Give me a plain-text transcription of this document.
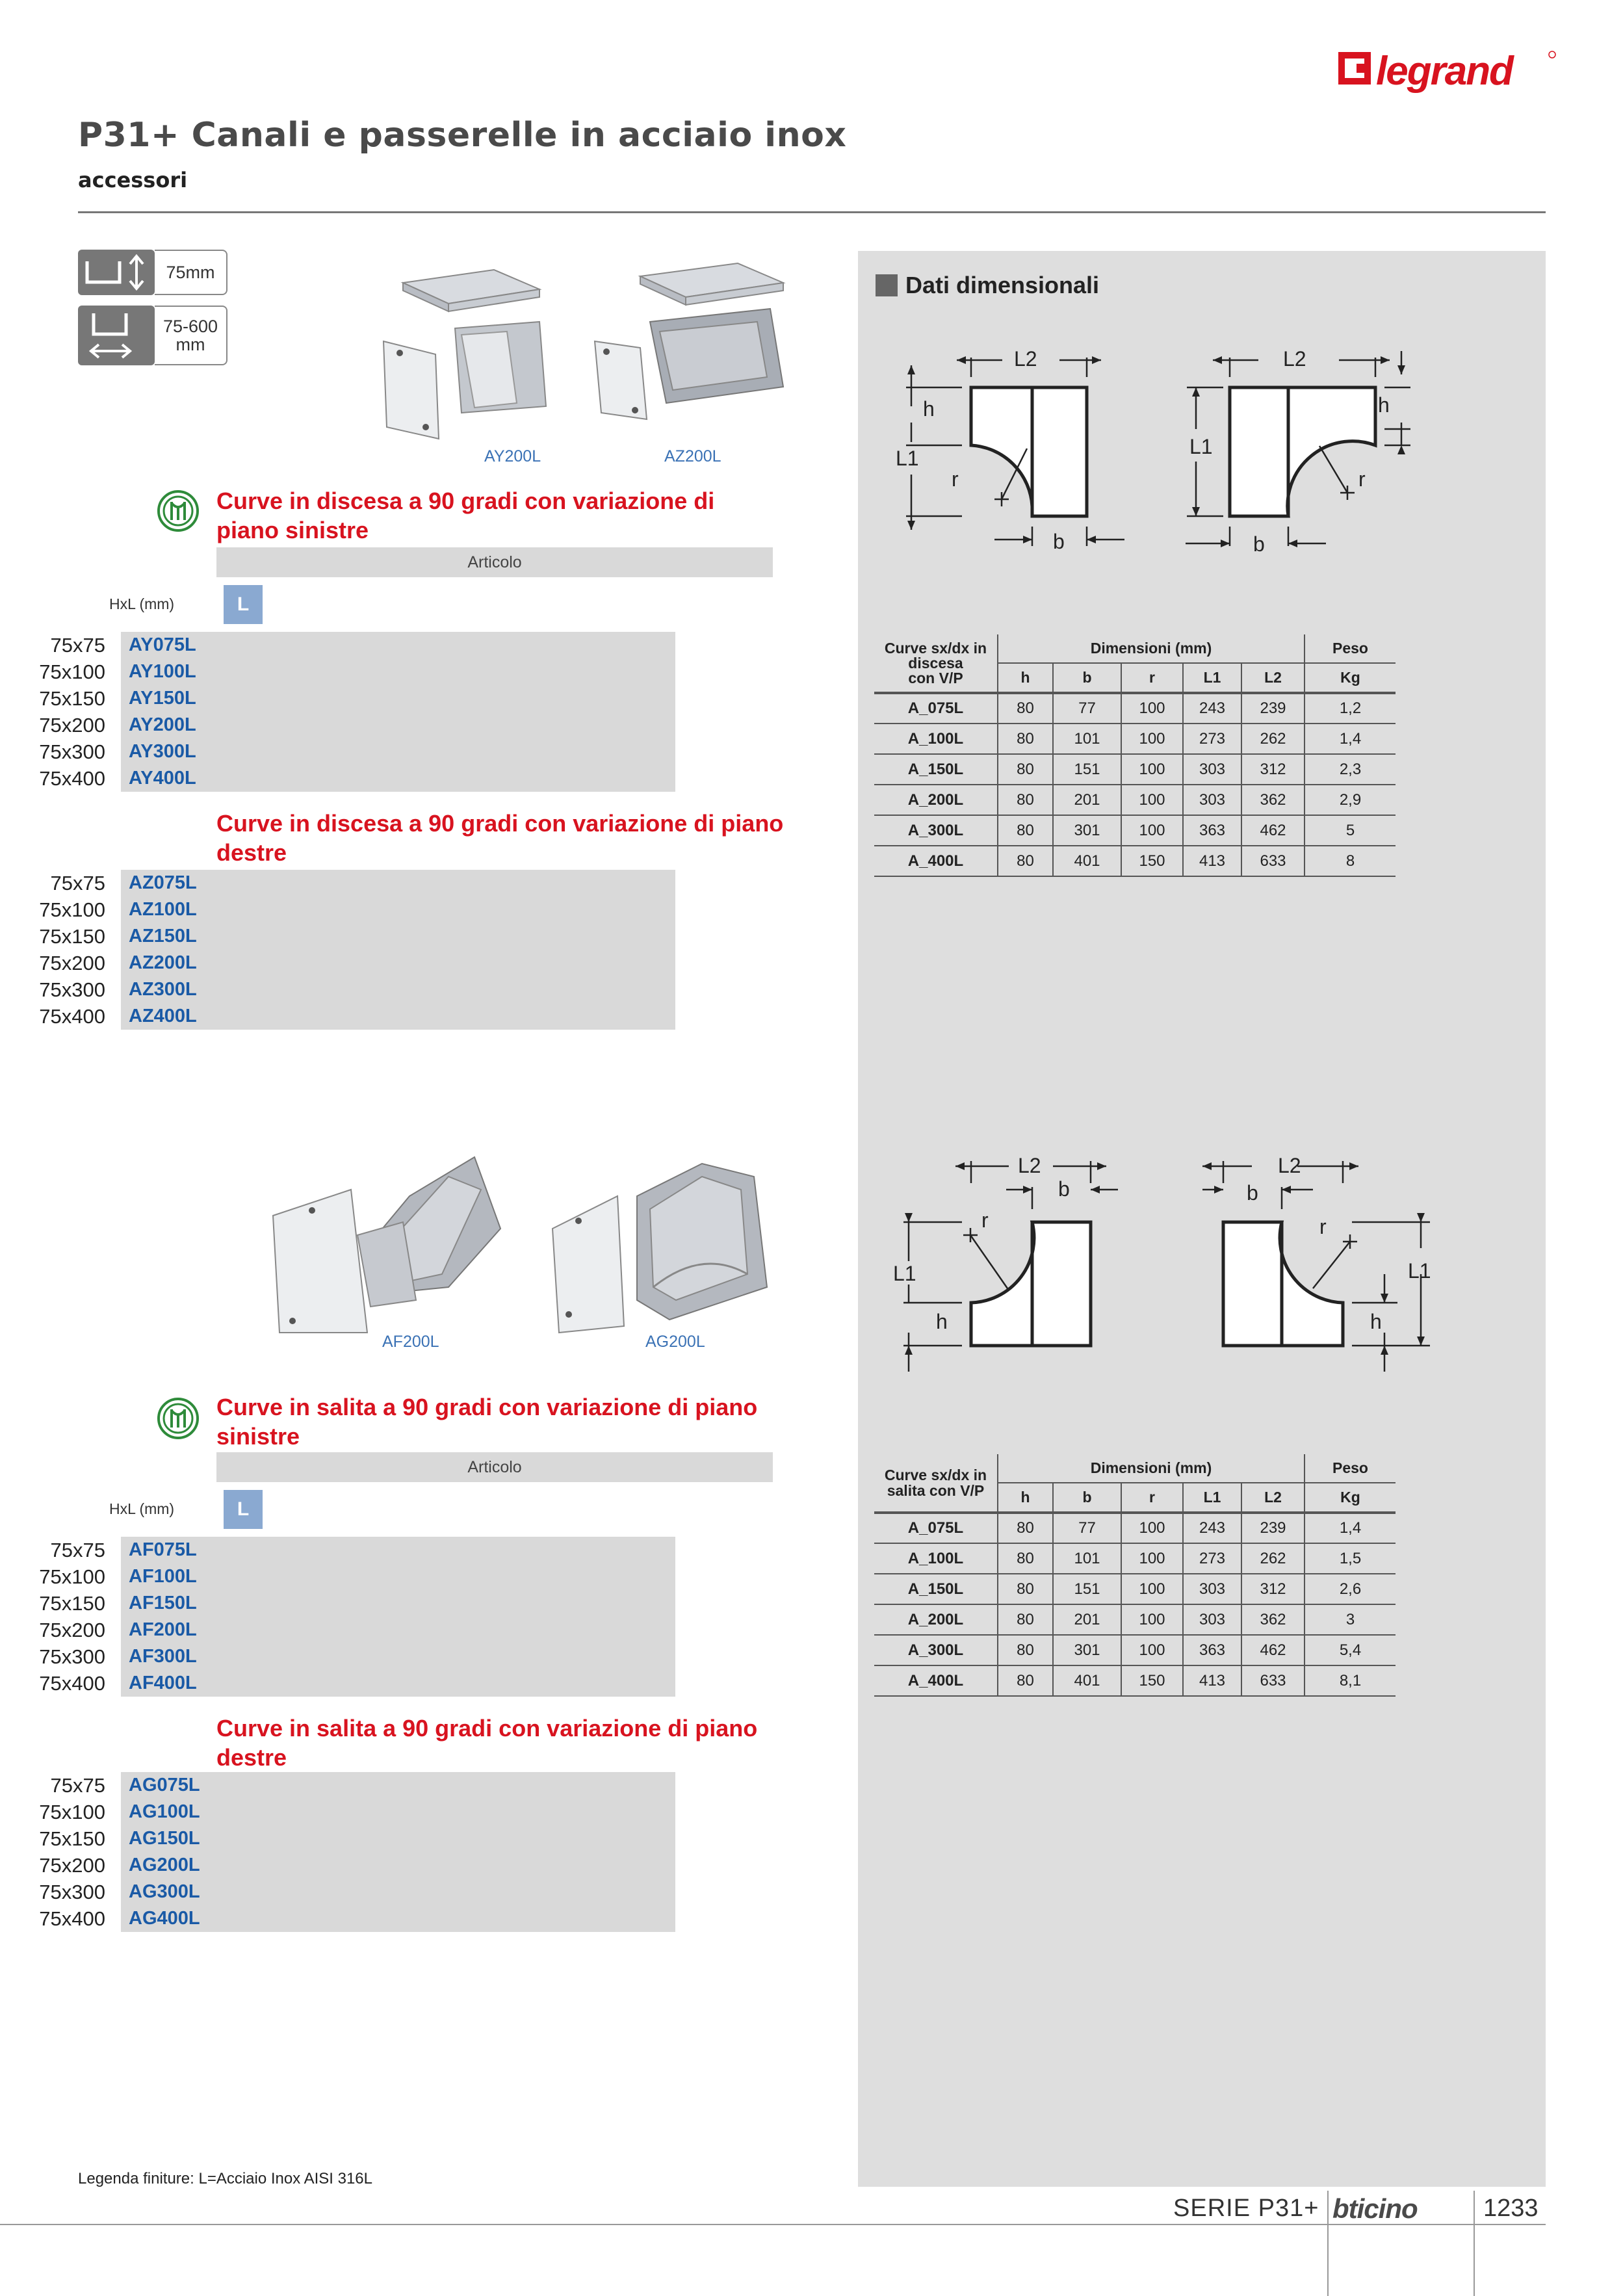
legrand
P31+ Canali e passerelle in acciaio inox
accessori
75mm
75-600
mm
AY200L	AZ200L
Dati dimensionali
L2
h
L1
r
b
L2
h
L1
r
b
Curve sx/dx in
discesa
con V/P	Dimensioni (mm)					Peso
	h	b	r	L1	L2	Kg
A_075L	80	77	100	243	239	1,2
A_100L	80	101	100	273	262	1,4
A_150L	80	151	100	303	312	2,3
A_200L	80	201	100	303	362	2,9
A_300L	80	301	100	363	462	5
A_400L	80	401	150	413	633	8
L2
b
r
L1
h
L2
b
r
L1
h
Curve sx/dx in
salita con V/P	Dimensioni (mm)					Peso
	h	b	r	L1	L2	Kg
A_075L	80	77	100	243	239	1,4
A_100L	80	101	100	273	262	1,5
A_150L	80	151	100	303	312	2,6
A_200L	80	201	100	303	362	3
A_300L	80	301	100	363	462	5,4
A_400L	80	401	150	413	633	8,1
Curve in discesa a 90 gradi con variazione di
piano sinistre
Articolo
HxL (mm)	L
75x75	AY075L
75x100	AY100L
75x150	AY150L
75x200	AY200L
75x300	AY300L
75x400	AY400L
Curve in discesa a 90 gradi con variazione di piano
destre
75x75	AZ075L
75x100	AZ100L
75x150	AZ150L
75x200	AZ200L
75x300	AZ300L
75x400	AZ400L
AF200L	AG200L
Curve in salita a 90 gradi con variazione di piano
sinistre
Articolo
HxL (mm)	L
75x75	AF075L
75x100	AF100L
75x150	AF150L
75x200	AF200L
75x300	AF300L
75x400	AF400L
Curve in salita a 90 gradi con variazione di piano
destre
75x75	AG075L
75x100	AG100L
75x150	AG150L
75x200	AG200L
75x300	AG300L
75x400	AG400L
Legenda finiture: L=Acciaio Inox AISI 316L
SERIE P31+ bticino	1233
